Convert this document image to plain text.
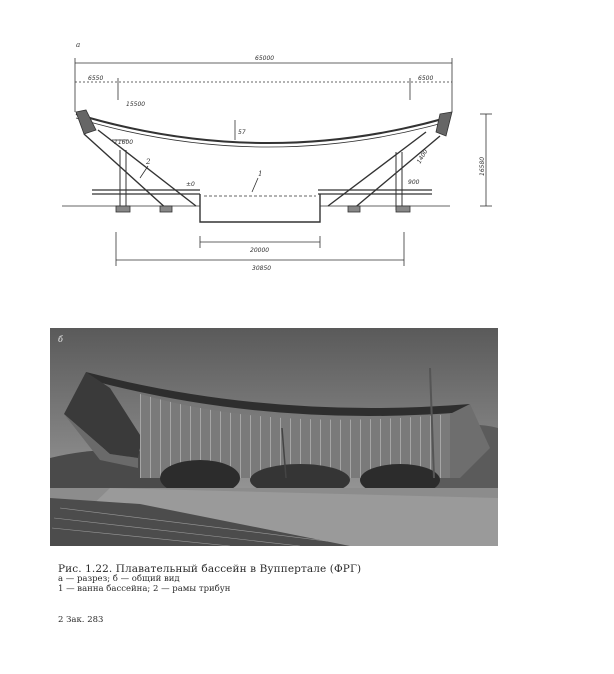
а
65000
6550	6500
15500
11600
57
16580
1400
900
±0
20000
30850
1
2
б
Рис. 1.22. Плавательный бассейн в Вуппертале (ФРГ)
а — разрез; б — общий вид
1 — ванна бассейна; 2 — рамы трибун
2 Зак. 283
